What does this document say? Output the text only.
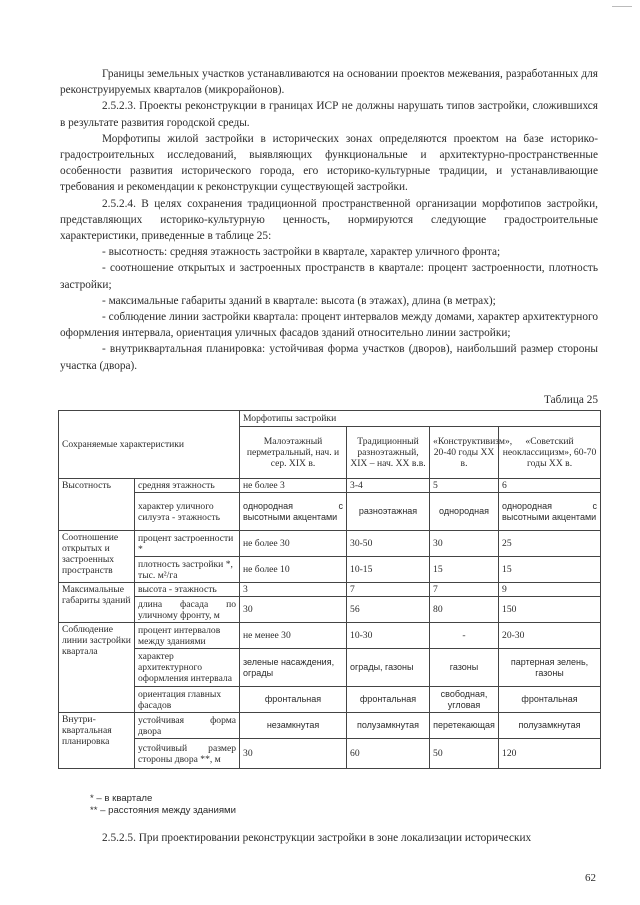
Границы земельных участков устанавливаются на основании проектов межевания, разработанных для реконструируемых кварталов (микрорайонов).

2.5.2.3. Проекты реконструкции в границах ИСР не должны нарушать типов застройки, сложившихся в результате развития городской среды.

Морфотипы жилой застройки в исторических зонах определяются проектом на базе историко-градостроительных исследований, выявляющих функциональные и архитектурно-пространственные особенности развития исторического города, его историко-культурные традиции, и устанавливающие требования и рекомендации к реконструкции существующей застройки.

2.5.2.4. В целях сохранения традиционной пространственной организации морфотипов застройки, представляющих историко-культурную ценность, нормируются следующие градостроительные характеристики, приведенные в таблице 25:

- высотность: средняя этажность застройки в квартале, характер уличного фронта;

- соотношение открытых и застроенных пространств в квартале: процент застроенности, плотность застройки;

- максимальные габариты зданий в квартале: высота (в этажах), длина (в метрах);

- соблюдение линии застройки квартала: процент интервалов между домами, характер архитектурного оформления интервала, ориентация уличных фасадов зданий относительно линии застройки;

- внутриквартальная планировка: устойчивая форма участков (дворов), наибольший размер стороны участка (двора).

Таблица 25
Сохраняемые характеристики		Морфотипы застройки			
		Малоэтажный перметральный, нач. и сер. XIX в.	Традиционный разноэтажный, XIX – нач. XX в.в.	«Конструктивизм», 20-40 годы XX в.	«Советский неоклассицизм», 60-70 годы XX в.
Высотность	средняя этажность	не более 3	3-4	5	6
	характер уличного силуэта - этажность	однородная с высотными акцентами	разноэтажная	однородная	однородная с высотными акцентами
Соотношение открытых и застроенных пространств	процент застроенности *	не более 30	30-50	30	25
	плотность застройки *, тыс. м²/га	не более 10	10-15	15	15
Максимальные габариты зданий	высота - этажность	3	7	7	9
	длина фасада по уличному фронту, м	30	56	80	150
Соблюдение линии застройки квартала	процент интервалов между зданиями	не менее 30	10-30	-	20-30
	характер архитектурного оформления интервала	зеленые насаждения, ограды	ограды, газоны	газоны	партерная зелень, газоны
	ориентация главных фасадов	фронтальная	фронтальная	свободная, угловая	фронтальная
Внутри-квартальная планировка	устойчивая форма двора	незамкнутая	полузамкнутая	перетекающая	полузамкнутая
	устойчивый размер стороны двора **, м	30	60	50	120
* – в квартале
** – расстояния между зданиями
2.5.2.5. При проектировании реконструкции застройки в зоне локализации исторических
62
